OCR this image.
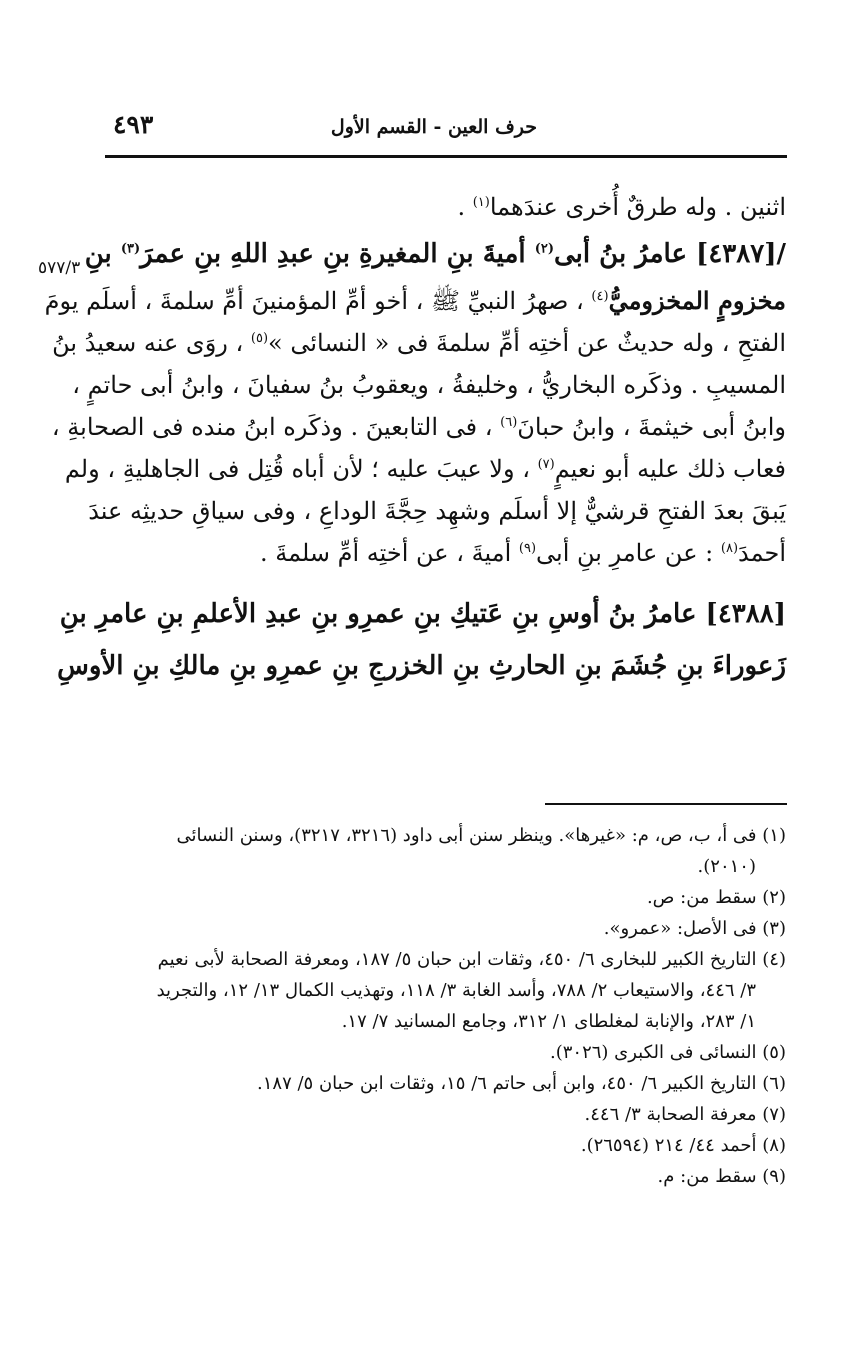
حرف العين - القسم الأول
٤٩٣
٥٧٧/٣
اثنين . وله طرقٌ أُخرى عندَهما$^{(١)}$ .
/[٤٣٨٧] عامرُ بنُ أبى$^{(٢)}$ أميةَ بنِ المغيرةِ بنِ عبدِ اللهِ بنِ عمرَ$^{(٣)}$ بنِ
مخزومٍ المخزوميُّ$^{(٤)}$ ، صهرُ النبيِّ ﷺ ، أخو أمِّ المؤمنينَ أمِّ سلمةَ ، أسلَم يومَ
الفتحِ ، وله حديثٌ عن أختِه أمِّ سلمةَ فى « النسائى »$^{(٥)}$ ، روَى عنه سعيدُ بنُ
المسيبِ . وذكَره البخاريُّ ، وخليفةُ ، ويعقوبُ بنُ سفيانَ ، وابنُ أبى حاتمٍ ،
وابنُ أبى خيثمةَ ، وابنُ حبانَ$^{(٦)}$ ، فى التابعينَ . وذكَره ابنُ منده فى الصحابةِ ،
فعاب ذلك عليه أبو نعيمٍ$^{(٧)}$ ، ولا عيبَ عليه ؛ لأن أباه قُتِل فى الجاهليةِ ، ولم
يَبقَ بعدَ الفتحِ قرشيٌّ إلا أسلَم وشهِد حِجَّةَ الوداعِ ، وفى سياقِ حديثِه عندَ
أحمدَ$^{(٨)}$ : عن عامرِ بنِ أبى$^{(٩)}$ أميةَ ، عن أختِه أمِّ سلمةَ .
[٤٣٨٨] عامرُ بنُ أوسِ بنِ عَتيكِ بنِ عمرِو بنِ عبدِ الأعلمِ بنِ عامرِ بنِ
زَعوراءَ بنِ جُشَمَ بنِ الحارثِ بنِ الخزرجِ بنِ عمرِو بنِ مالكِ بنِ الأوسِ
(١) فى أ، ب، ص، م: «غيرها». وينظر سنن أبى داود (٣٢١٦، ٣٢١٧)، وسنن النسائى
(٢٠١٠).
(٢) سقط من: ص.
(٣) فى الأصل: «عمرو».
(٤) التاريخ الكبير للبخارى ٦/ ٤٥٠، وثقات ابن حبان ٥/ ١٨٧، ومعرفة الصحابة لأبى نعيم
٣/ ٤٤٦، والاستيعاب ٢/ ٧٨٨، وأسد الغابة ٣/ ١١٨، وتهذيب الكمال ١٣/ ١٢، والتجريد
١/ ٢٨٣، والإنابة لمغلطاى ١/ ٣١٢، وجامع المسانيد ٧/ ١٧.
(٥) النسائى فى الكبرى (٣٠٢٦).
(٦) التاريخ الكبير ٦/ ٤٥٠، وابن أبى حاتم ٦/ ١٥، وثقات ابن حبان ٥/ ١٨٧.
(٧) معرفة الصحابة ٣/ ٤٤٦.
(٨) أحمد ٤٤/ ٢١٤ (٢٦٥٩٤).
(٩) سقط من: م.
